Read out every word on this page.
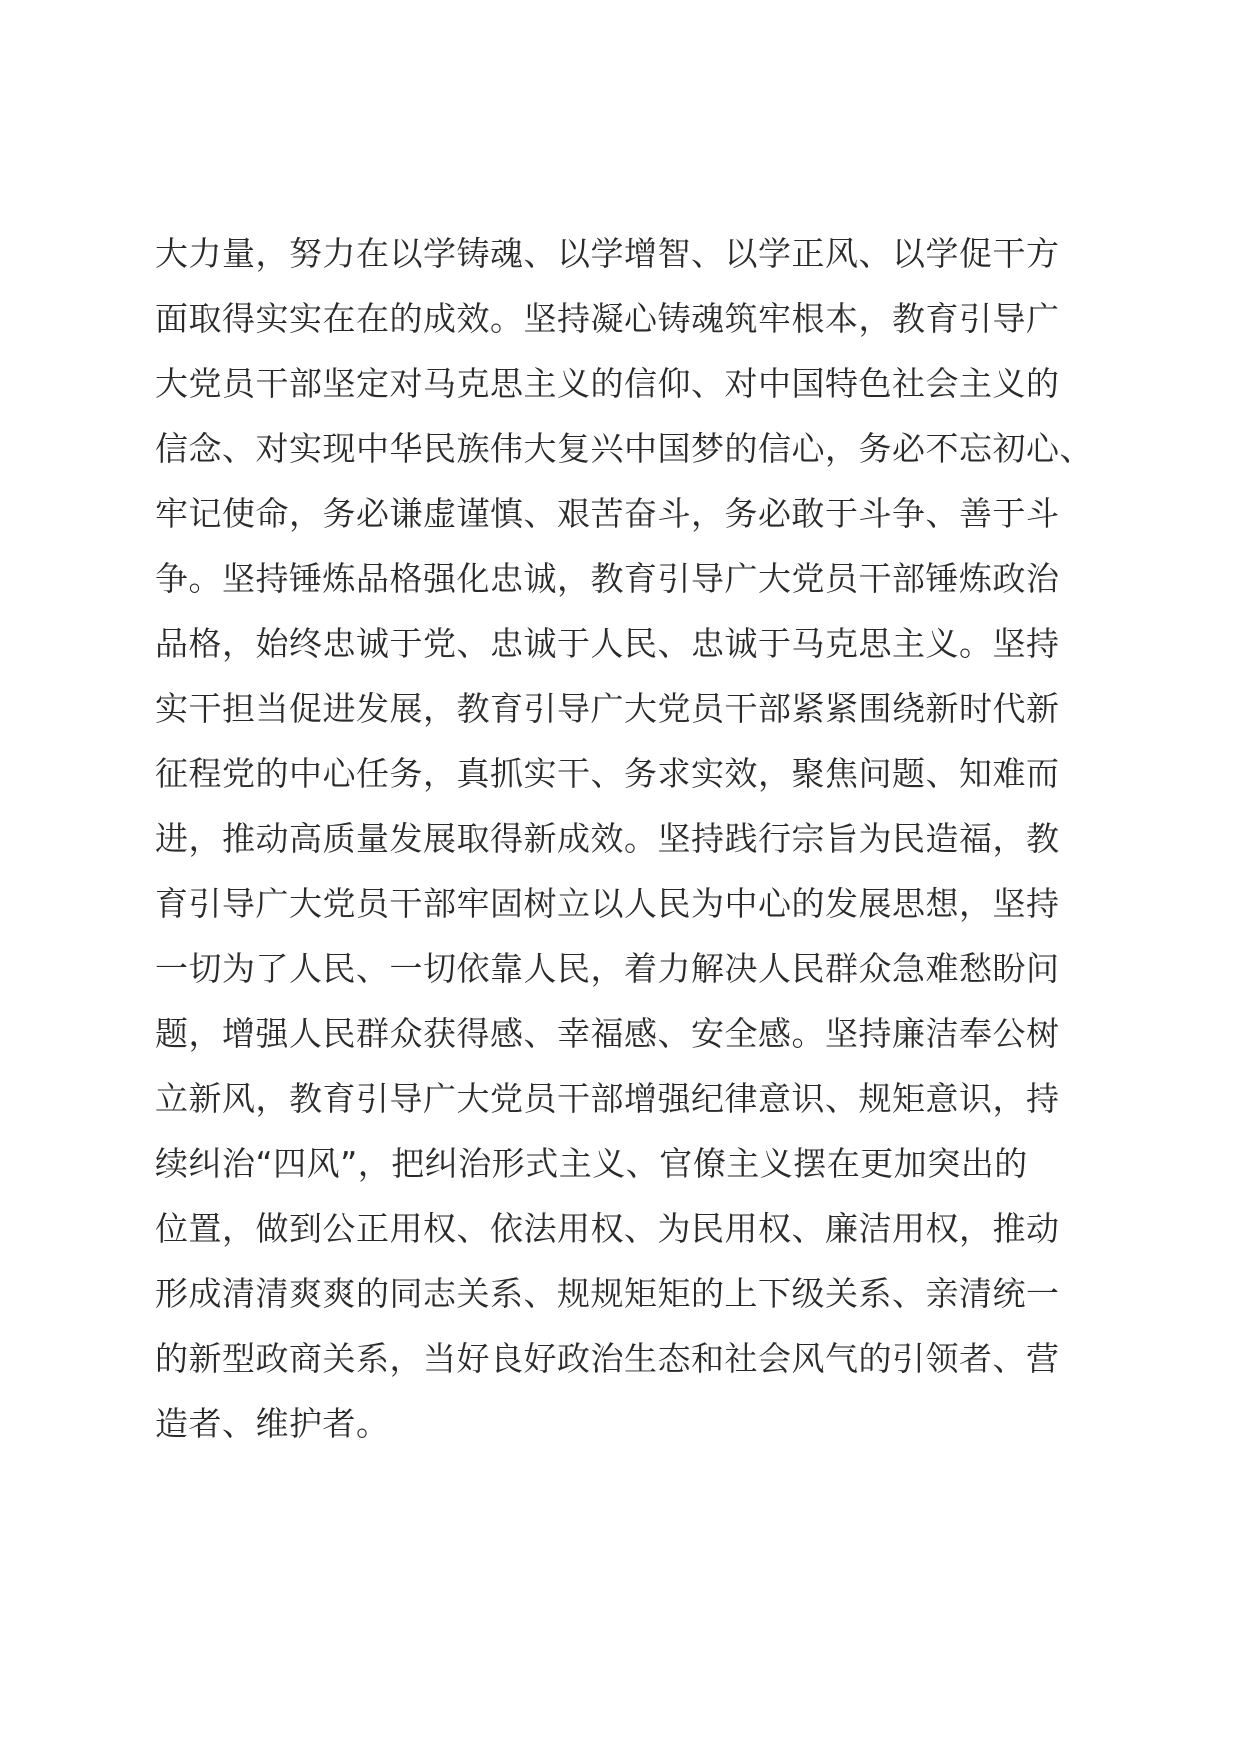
大力量，努力在以学铸魂、以学增智、以学正风、以学促干方
面取得实实在在的成效。坚持凝心铸魂筑牢根本，教育引导广
大党员干部坚定对马克思主义的信仰、对中国特色社会主义的
信念、对实现中华民族伟大复兴中国梦的信心，务必不忘初心、
牢记使命，务必谦虚谨慎、艰苦奋斗，务必敢于斗争、善于斗
争。坚持锤炼品格强化忠诚，教育引导广大党员干部锤炼政治
品格，始终忠诚于党、忠诚于人民、忠诚于马克思主义。坚持
实干担当促进发展，教育引导广大党员干部紧紧围绕新时代新
征程党的中心任务，真抓实干、务求实效，聚焦问题、知难而
进，推动高质量发展取得新成效。坚持践行宗旨为民造福，教
育引导广大党员干部牢固树立以人民为中心的发展思想，坚持
一切为了人民、一切依靠人民，着力解决人民群众急难愁盼问
题，增强人民群众获得感、幸福感、安全感。坚持廉洁奉公树
立新风，教育引导广大党员干部增强纪律意识、规矩意识，持
续纠治“四风”，把纠治形式主义、官僚主义摆在更加突出的
位置，做到公正用权、依法用权、为民用权、廉洁用权，推动
形成清清爽爽的同志关系、规规矩矩的上下级关系、亲清统一
的新型政商关系，当好良好政治生态和社会风气的引领者、营
造者、维护者。
